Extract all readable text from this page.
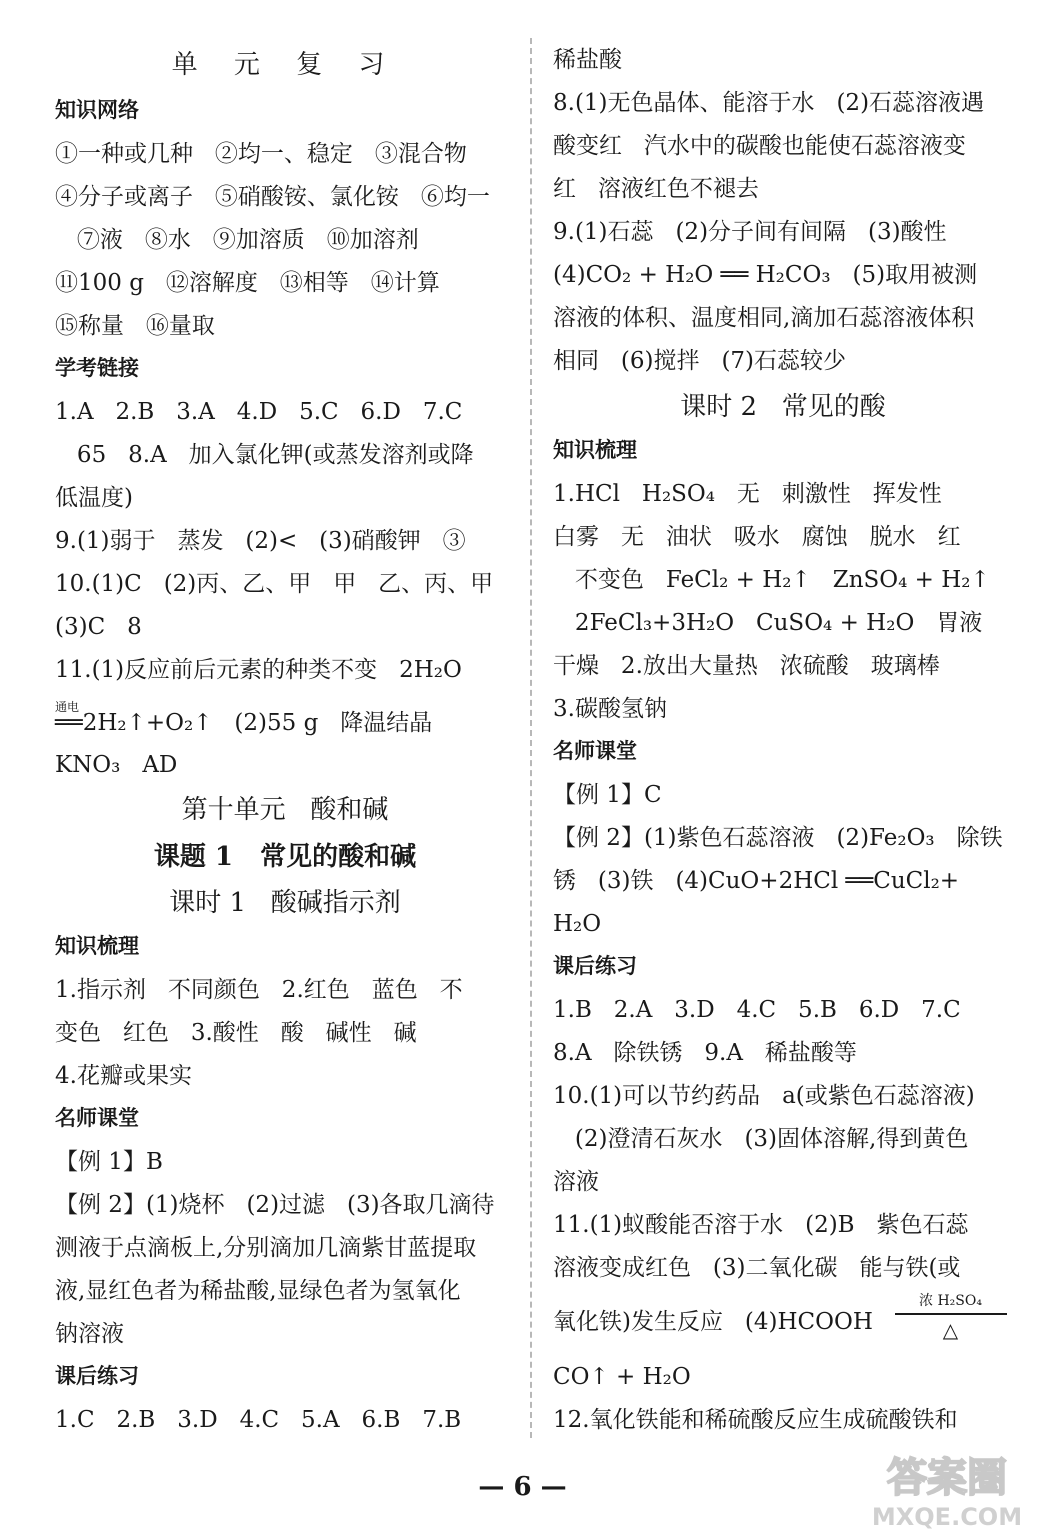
单 元 复 习
知识网络
①一种或几种   ②均一、稳定   ③混合物
④分子或离子   ⑤硝酸铵、氯化铵   ⑥均一
⑦液   ⑧水   ⑨加溶质   ⑩加溶剂
⑪100 g   ⑫溶解度   ⑬相等   ⑭计算
⑮称量   ⑯量取
学考链接
1.A   2.B   3.A   4.D   5.C   6.D   7.C
65   8.A   加入氯化钾(或蒸发溶剂或降
低温度)
9.(1)弱于   蒸发   (2)<   (3)硝酸钾   ③
10.(1)C   (2)丙、乙、甲   甲   乙、丙、甲
(3)C   8
11.(1)反应前后元素的种类不变   2H₂O
通电
══2H₂↑+O₂↑   (2)55 g   降温结晶
KNO₃   AD
第十单元   酸和碱
课题 1   常见的酸和碱
课时 1   酸碱指示剂
知识梳理
1.指示剂   不同颜色   2.红色   蓝色   不
变色   红色   3.酸性   酸   碱性   碱
4.花瓣或果实
名师课堂
【例 1】B
【例 2】(1)烧杯   (2)过滤   (3)各取几滴待
测液于点滴板上,分别滴加几滴紫甘蓝提取
液,显红色者为稀盐酸,显绿色者为氢氧化
钠溶液
课后练习
1.C   2.B   3.D   4.C   5.A   6.B   7.B
稀盐酸
8.(1)无色晶体、能溶于水   (2)石蕊溶液遇
酸变红   汽水中的碳酸也能使石蕊溶液变
红   溶液红色不褪去
9.(1)石蕊   (2)分子间有间隔   (3)酸性
(4)CO₂ + H₂O ══ H₂CO₃   (5)取用被测
溶液的体积、温度相同,滴加石蕊溶液体积
相同   (6)搅拌   (7)石蕊较少
课时 2   常见的酸
知识梳理
1.HCl   H₂SO₄   无   刺激性   挥发性
白雾   无   油状   吸水   腐蚀   脱水   红
不变色   FeCl₂ + H₂↑   ZnSO₄ + H₂↑
2FeCl₃+3H₂O   CuSO₄ + H₂O   胃液
干燥   2.放出大量热   浓硫酸   玻璃棒
3.碳酸氢钠
名师课堂
【例 1】C
【例 2】(1)紫色石蕊溶液   (2)Fe₂O₃   除铁
锈   (3)铁   (4)CuO+2HCl ══CuCl₂+
H₂O
课后练习
1.B   2.A   3.D   4.C   5.B   6.D   7.C
8.A   除铁锈   9.A   稀盐酸等
10.(1)可以节约药品   a(或紫色石蕊溶液)
(2)澄清石灰水   (3)固体溶解,得到黄色
溶液
11.(1)蚁酸能否溶于水   (2)B   紫色石蕊
溶液变成红色   (3)二氧化碳   能与铁(或
氧化铁)发生反应   (4)HCOOH
浓 H₂SO₄
△
CO↑ + H₂O
12.氧化铁能和稀硫酸反应生成硫酸铁和
— 6 —	答案圈
MXQE.COM
